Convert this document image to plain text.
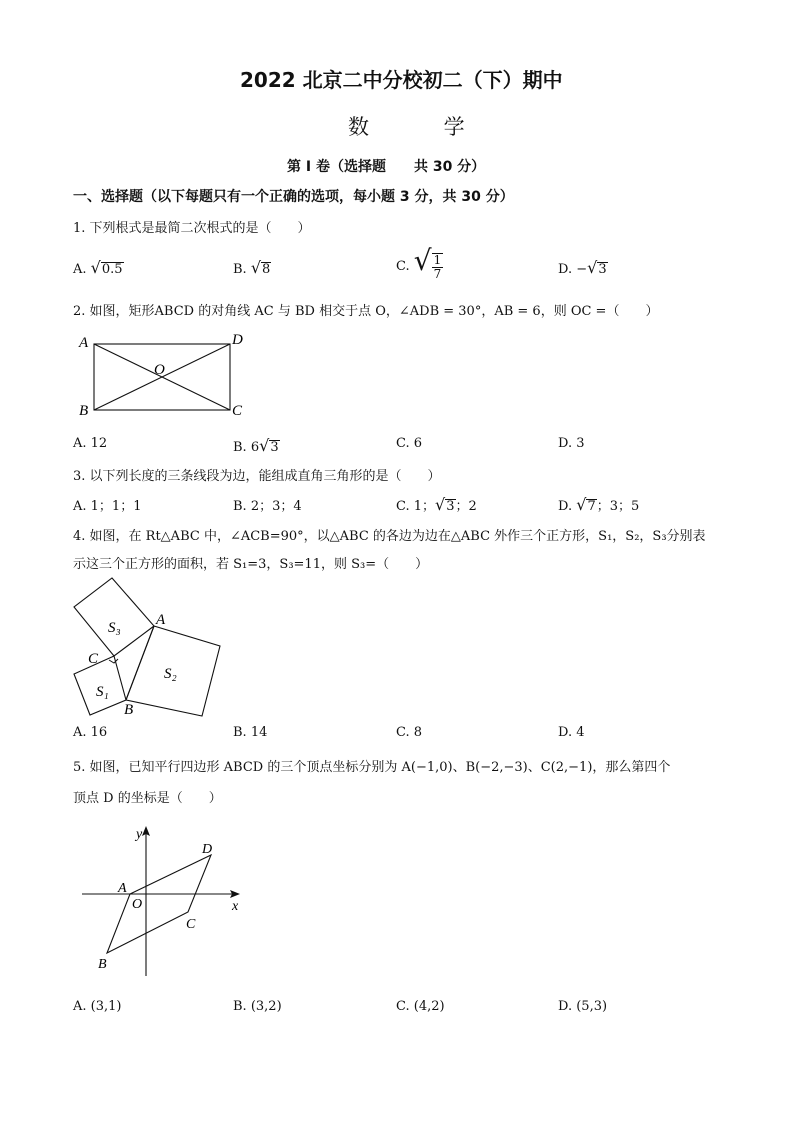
2022 北京二中分校初二（下）期中
数 学
第 I 卷（选择题　　共 30 分）
一、选择题（以下每题只有一个正确的选项，每小题 3 分，共 30 分）
1. 下列根式是最简二次根式的是（　　）
A. √0.5	B. √8	C. √ $\frac{1}{7}$	D. −√3
2. 如图，矩形ABCD 的对角线 AC 与 BD 相交于点 O，∠ADB = 30°，AB = 6，则 OC =（　　）
A	D
O
B	C
A. 12	B. 6√3	C. 6	D. 3
3. 以下列长度的三条线段为边，能组成直角三角形的是（　　）
A. 1；1；1	B. 2；3；4	C. 1；√3；2	D. √7；3；5
4. 如图，在 Rt△ABC 中，∠ACB=90°，以△ABC 的各边为边在△ABC 外作三个正方形，S₁，S₂，S₃分别表
示这三个正方形的面积，若 S₁=3，S₃=11，则 S₃=（　　）
S₃
S₂
S₁
A
C
B
A. 16	B. 14	C. 8	D. 4
5. 如图，已知平行四边形 ABCD 的三个顶点坐标分别为 A(−1,0)、B(−2,−3)、C(2,−1)，那么第四个
顶点 D 的坐标是（　　）
y
x
O
A
B
C
D
A. (3,1)	B. (3,2)	C. (4,2)	D. (5,3)
